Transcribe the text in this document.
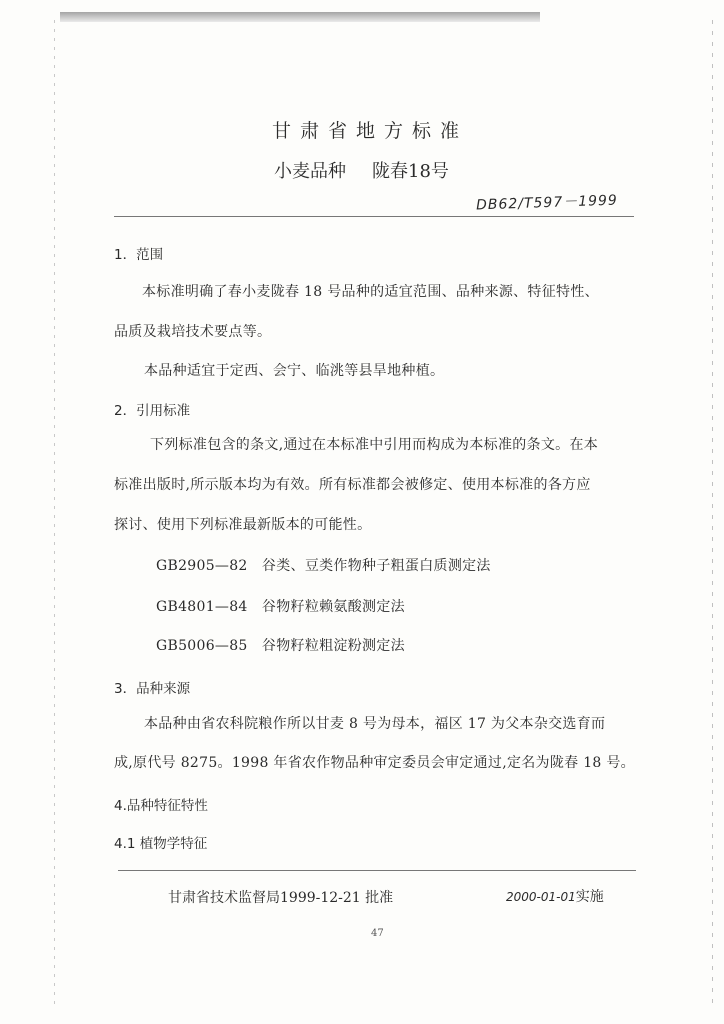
甘肃省地方标准
小麦品种 陇春18号
DB62/T597－1999
1．范围
本标准明确了春小麦陇春 18 号品种的适宜范围、品种来源、特征特性、
品质及栽培技术要点等。
本品种适宜于定西、会宁、临洮等县旱地种植。
2．引用标准
下列标准包含的条文,通过在本标准中引用而构成为本标准的条文。在本
标准出版时,所示版本均为有效。所有标准都会被修定、使用本标准的各方应
探讨、使用下列标准最新版本的可能性。
GB2905—82　谷类、豆类作物种子粗蛋白质测定法
GB4801—84　谷物籽粒赖氨酸测定法
GB5006—85　谷物籽粒粗淀粉测定法
3．品种来源
本品种由省农科院粮作所以甘麦 8 号为母本，福区 17 为父本杂交选育而
成,原代号 8275。1998 年省农作物品种审定委员会审定通过,定名为陇春 18 号。
4.品种特征特性
4.1 植物学特征
甘肃省技术监督局1999-12-21 批准	2000-01-01实施
47
